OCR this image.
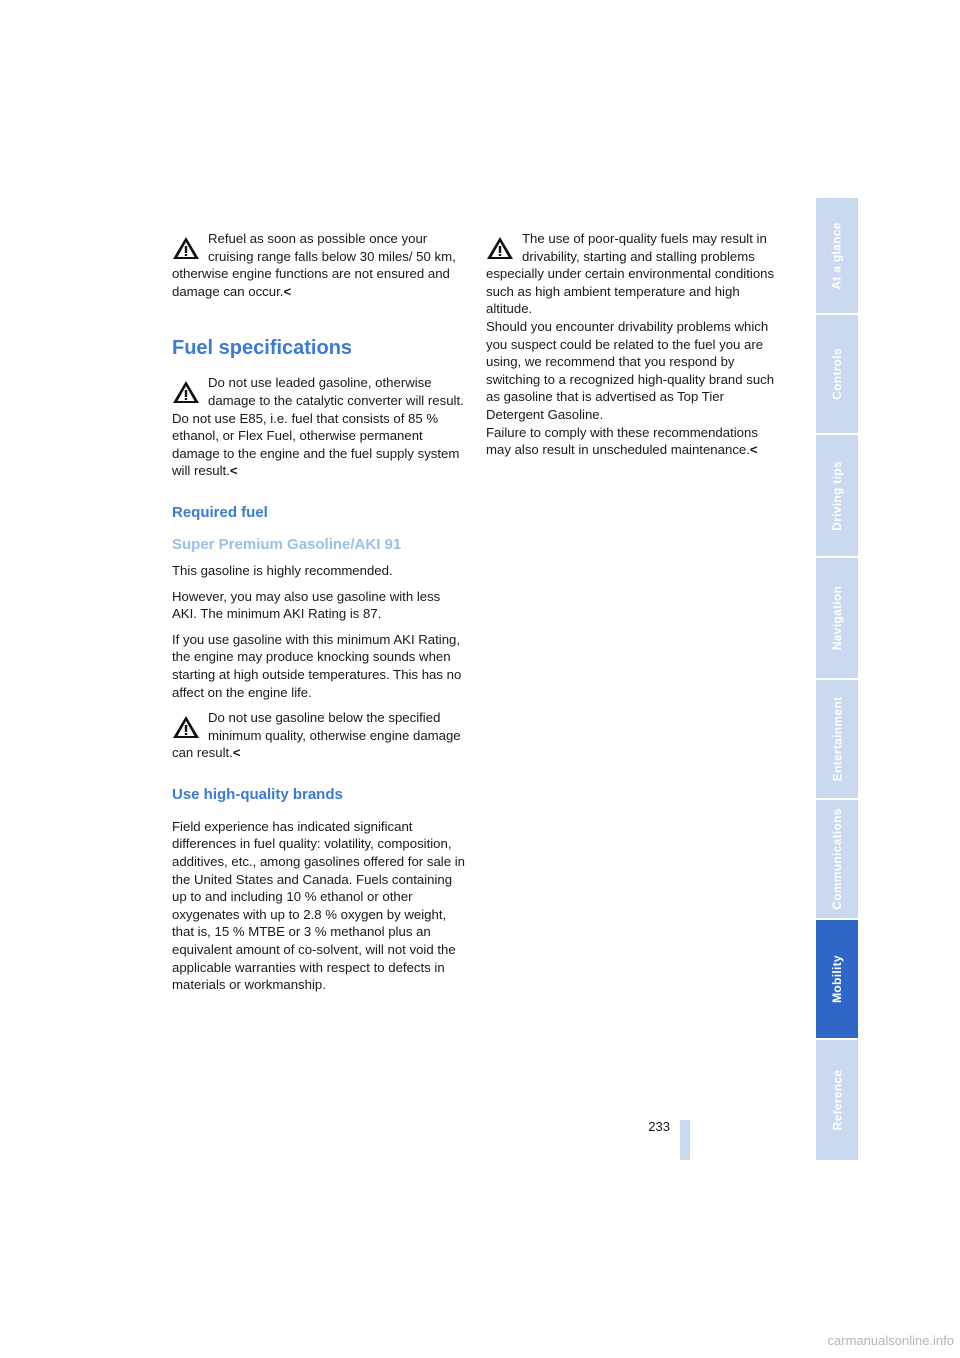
Refuel as soon as possible once your

cruising range falls below 30 miles/ 50 km, otherwise engine functions are not ensured and damage can occur.<

Fuel specifications

Do not use leaded gasoline, otherwise

damage to the catalytic converter will result.

Do not use E85, i.e. fuel that consists of 85 % ethanol, or Flex Fuel, otherwise permanent damage to the engine and the fuel supply system will result.<

Required fuel
Super Premium Gasoline/AKI 91

This gasoline is highly recommended.

However, you may also use gasoline with less AKI. The minimum AKI Rating is 87.

If you use gasoline with this minimum AKI Rating, the engine may produce knocking sounds when starting at high outside temperatures. This has no affect on the engine life.

Do not use gasoline below the specified

minimum quality, otherwise engine damage can result.<

Use high-quality brands

Field experience has indicated significant differences in fuel quality: volatility, composition, additives, etc., among gasolines offered for sale in the United States and Canada. Fuels containing up to and including 10 % ethanol or other oxygenates with up to 2.8 % oxygen by weight, that is, 15 % MTBE or 3 % methanol plus an equivalent amount of co-solvent, will not void the applicable warranties with respect to defects in materials or workmanship.

The use of poor-quality fuels may result in

drivability, starting and stalling problems especially under certain environmental conditions such as high ambient temperature and high altitude.

Should you encounter drivability problems which you suspect could be related to the fuel you are using, we recommend that you respond by switching to a recognized high-quality brand such as gasoline that is advertised as Top Tier Detergent Gasoline.

Failure to comply with these recommendations may also result in unscheduled maintenance.<

At a glance
Controls
Driving tips
Navigation
Entertainment
Communications
Mobility
Reference
233
carmanualsonline.info
